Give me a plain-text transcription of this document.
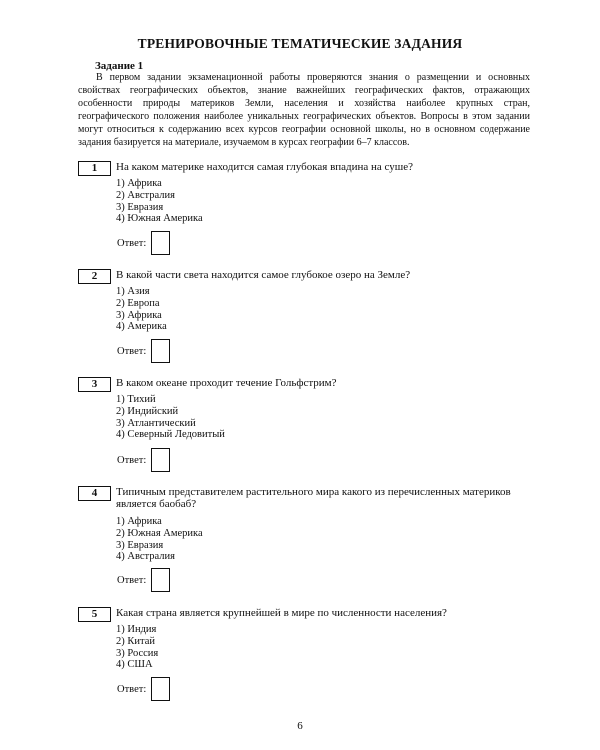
ТРЕНИРОВОЧНЫЕ ТЕМАТИЧЕСКИЕ ЗАДАНИЯ
Задание 1
В первом задании экзаменационной работы проверяются знания о размещении и основных свойствах географических объектов, знание важнейших географических фактов, отражающих особенности природы материков Земли, населения и хозяйства наиболее крупных стран, географического положения наиболее уникальных географических объектов. Вопросы в этом задании могут относиться к содержанию всех курсов географии основной школы, но в основном содержание задания базируется на материале, изучаемом в курсах географии 6–7 классов.
1	На каком материке находится самая глубокая впадина на суше?
1) Африка
2) Австралия
3) Евразия
4) Южная Америка
Ответ:
2	В какой части света находится самое глубокое озеро на Земле?
1) Азия
2) Европа
3) Африка
4) Америка
Ответ:
3	В каком океане проходит течение Гольфстрим?
1) Тихий
2) Индийский
3) Атлантический
4) Северный Ледовитый
Ответ:
4	Типичным представителем растительного мира какого из перечисленных материков является баобаб?
1) Африка
2) Южная Америка
3) Евразия
4) Австралия
Ответ:
5	Какая страна является крупнейшей в мире по численности населения?
1) Индия
2) Китай
3) Россия
4) США
Ответ:
6
